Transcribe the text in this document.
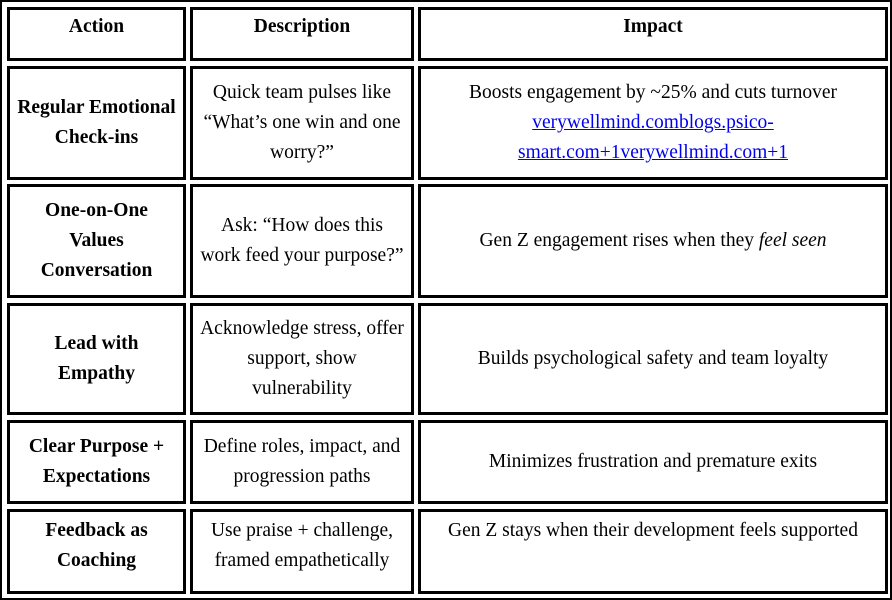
Action	Description	Impact
Regular Emotional Check-ins
Quick team pulses like “What’s one win and one worry?”
Boosts engagement by ~25% and cuts turnover
verywellmind.comblogs.psico-smart.com+1verywellmind.com+1
One-on-One Values Conversation
Ask: “How does this work feed your purpose?”
Gen Z engagement rises when they feel seen
Lead with Empathy
Acknowledge stress, offer support, show vulnerability
Builds psychological safety and team loyalty
Clear Purpose + Expectations
Define roles, impact, and progression paths
Minimizes frustration and premature exits
Feedback as Coaching
Use praise + challenge, framed empathetically
Gen Z stays when their development feels supported
